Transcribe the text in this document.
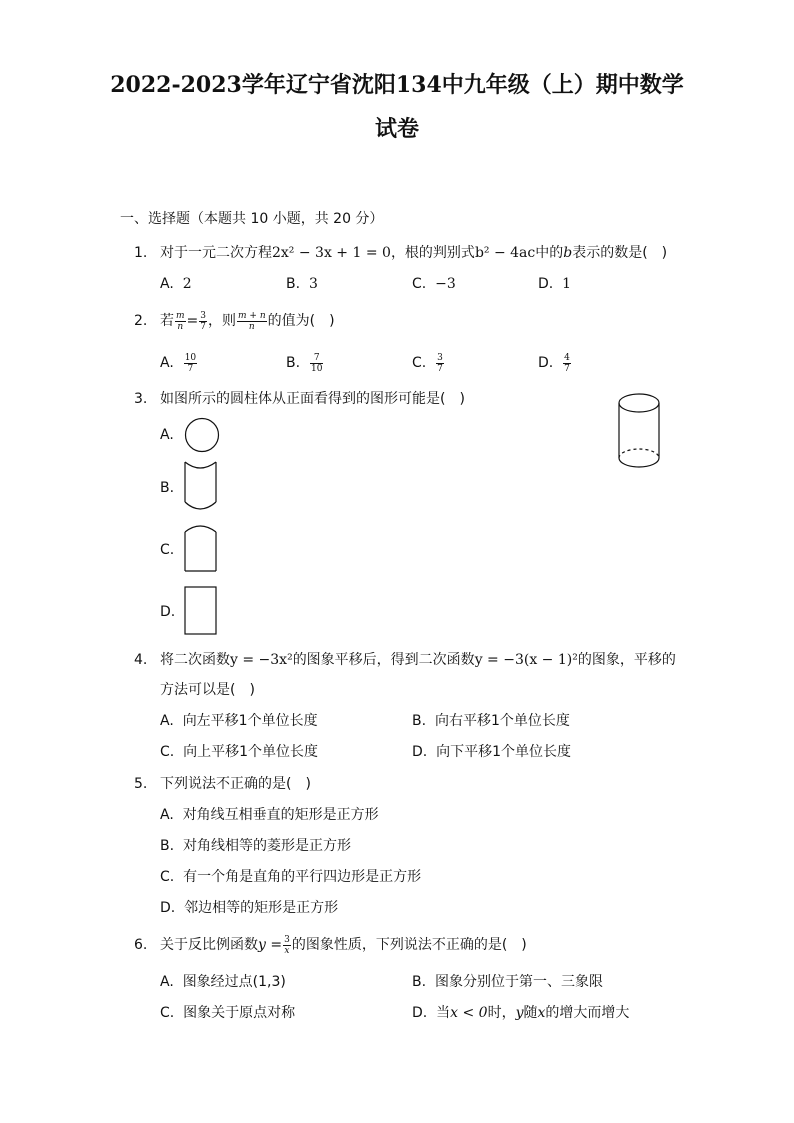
2022-2023学年辽宁省沈阳134中九年级（上）期中数学
试卷
一、选择题（本题共 10 小题，共 20 分）
1. 对于一元二次方程2x² − 3x + 1 = 0，根的判别式b² − 4ac中的b表示的数是(　)
A. 2	B. 3	C. −3	D. 1
2. 若 $\frac{m}{n} = \frac{3}{7}$ ，则 $\frac{m + n}{n}$ 的值为(　)
A. $\frac{10}{7}$	B. $\frac{7}{10}$	C. $\frac{3}{7}$	D. $\frac{4}{7}$
3. 如图所示的圆柱体从正面看得到的图形可能是(　)
A.
B.
C.
D.
4. 将二次函数y = −3x²的图象平移后，得到二次函数y = −3(x − 1)²的图象，平移的
方法可以是(　)
A. 向左平移1个单位长度	B. 向右平移1个单位长度
C. 向上平移1个单位长度	D. 向下平移1个单位长度
5. 下列说法不正确的是(　)
A. 对角线互相垂直的矩形是正方形
B. 对角线相等的菱形是正方形
C. 有一个角是直角的平行四边形是正方形
D. 邻边相等的矩形是正方形
6. 关于反比例函数$y = \frac{3}{x}$ 的图象性质，下列说法不正确的是(　)
A. 图象经过点(1,3)	B. 图象分别位于第一、三象限
C. 图象关于原点对称	D. 当x < 0时，y随x的增大而增大
